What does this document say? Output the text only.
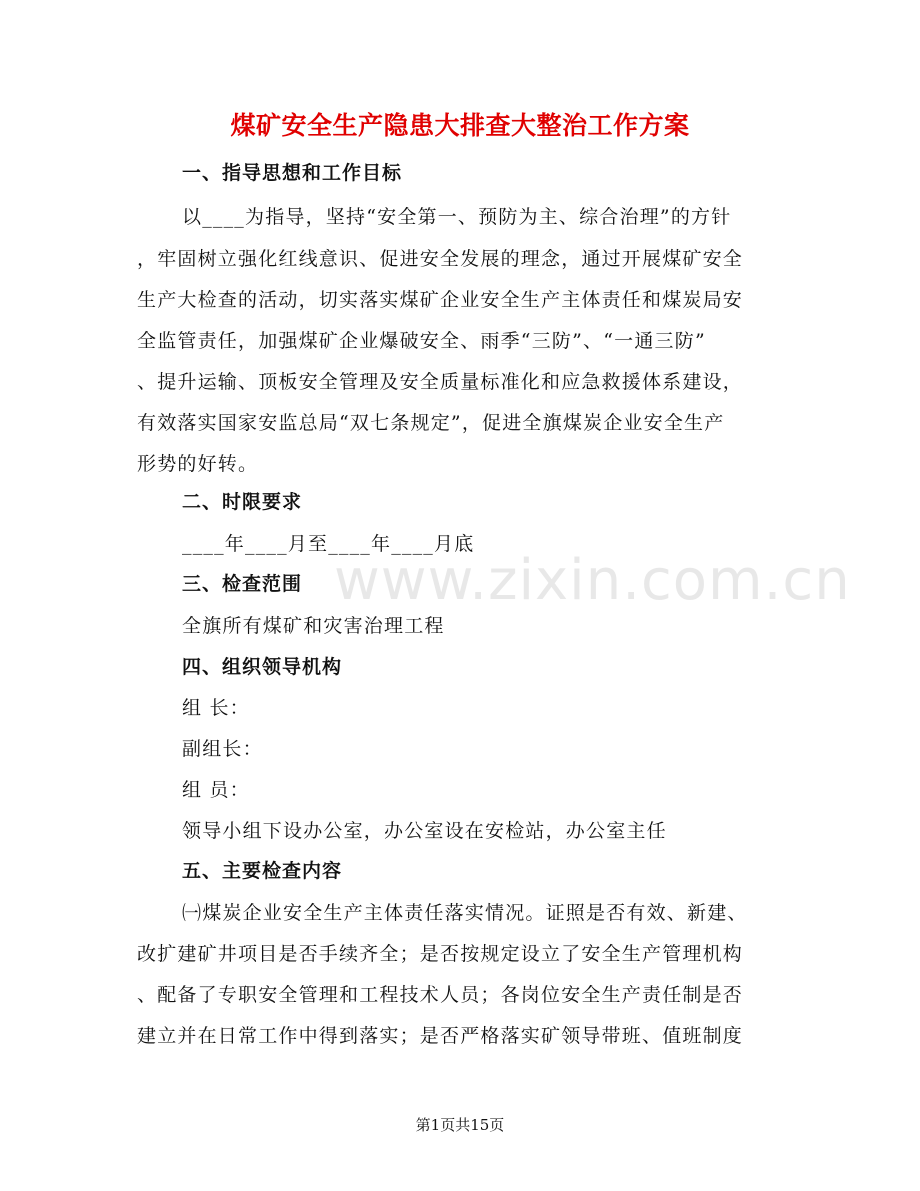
煤矿安全生产隐患大排查大整治工作方案
www.zixin.com.cn
一、指导思想和工作目标
以____为指导，坚持“安全第一、预防为主、综合治理”的方针
，牢固树立强化红线意识、促进安全发展的理念，通过开展煤矿安全
生产大检查的活动，切实落实煤矿企业安全生产主体责任和煤炭局安
全监管责任，加强煤矿企业爆破安全、雨季“三防”、“一通三防”
、提升运输、顶板安全管理及安全质量标准化和应急救援体系建设，
有效落实国家安监总局“双七条规定”，促进全旗煤炭企业安全生产
形势的好转。
二、时限要求
____年____月至____年____月底
三、检查范围
全旗所有煤矿和灾害治理工程
四、组织领导机构
组 长：
副组长：
组 员：
领导小组下设办公室，办公室设在安检站，办公室主任
五、主要检查内容
㈠煤炭企业安全生产主体责任落实情况。证照是否有效、新建、
改扩建矿井项目是否手续齐全；是否按规定设立了安全生产管理机构
、配备了专职安全管理和工程技术人员；各岗位安全生产责任制是否
建立并在日常工作中得到落实；是否严格落实矿领导带班、值班制度
第1页共15页
